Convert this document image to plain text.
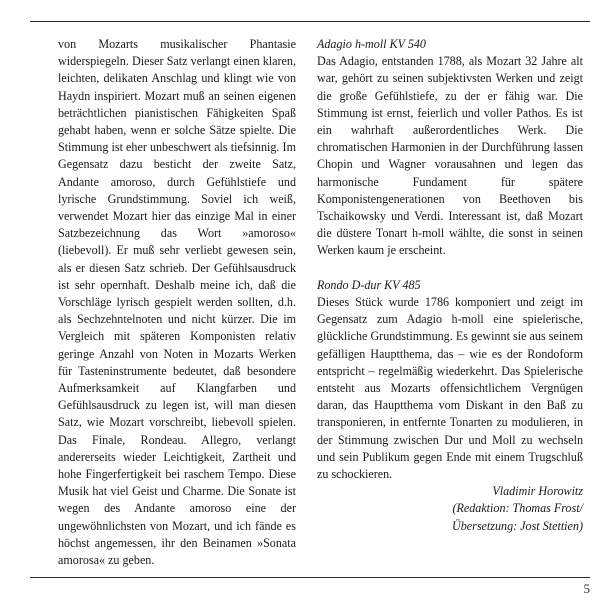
von Mozarts musikalischer Phantasie widerspiegeln. Dieser Satz verlangt einen klaren, leichten, delikaten Anschlag und klingt wie von Haydn inspiriert. Mozart muß an seinen eigenen beträchtlichen pianistischen Fähigkeiten Spaß gehabt haben, wenn er solche Sätze spielte. Die Stimmung ist eher unbeschwert als tiefsinnig. Im Gegensatz dazu besticht der zweite Satz, Andante amoroso, durch Gefühlstiefe und lyrische Grundstimmung. Soviel ich weiß, verwendet Mozart hier das einzige Mal in einer Satzbezeichnung das Wort »amoroso« (liebevoll). Er muß sehr verliebt gewesen sein, als er diesen Satz schrieb. Der Gefühlsausdruck ist sehr opernhaft. Deshalb meine ich, daß die Vorschläge lyrisch gespielt werden sollten, d.h. als Sechzehntelnoten und nicht kürzer. Die im Vergleich mit späteren Komponisten relativ geringe Anzahl von Noten in Mozarts Werken für Tasteninstrumente bedeutet, daß besondere Aufmerksamkeit auf Klangfarben und Gefühlsausdruck zu legen ist, will man diesen Satz, wie Mozart vorschreibt, liebevoll spielen. Das Finale, Rondeau. Allegro, verlangt andererseits wieder Leichtigkeit, Zartheit und hohe Fingerfertigkeit bei raschem Tempo. Diese Musik hat viel Geist und Charme. Die Sonate ist wegen des Andante amoroso eine der ungewöhnlichsten von Mozart, und ich fände es höchst angemessen, ihr den Beinamen »Sonata amorosa« zu geben.

Adagio h-moll KV 540

Das Adagio, entstanden 1788, als Mozart 32 Jahre alt war, gehört zu seinen subjektivsten Werken und zeigt die große Gefühlstiefe, zu der er fähig war. Die Stimmung ist ernst, feierlich und voller Pathos. Es ist ein wahrhaft außerordentliches Werk. Die chromatischen Harmonien in der Durchführung lassen Chopin und Wagner vorausahnen und legen das harmonische Fundament für spätere Komponistengenerationen von Beethoven bis Tschaikowsky und Verdi. Interessant ist, daß Mozart die düstere Tonart h-moll wählte, die sonst in seinen Werken kaum je erscheint.

Rondo D-dur KV 485

Dieses Stück wurde 1786 komponiert und zeigt im Gegensatz zum Adagio h-moll eine spielerische, glückliche Grundstimmung. Es gewinnt sie aus seinem gefälligen Hauptthema, das – wie es der Rondoform entspricht – regelmäßig wiederkehrt. Das Spielerische entsteht aus Mozarts offensichtlichem Vergnügen daran, das Hauptthema vom Diskant in den Baß zu transponieren, in entfernte Tonarten zu modulieren, in der Stimmung zwischen Dur und Moll zu wechseln und sein Publikum gegen Ende mit einem Trugschluß zu schockieren.

Vladimir Horowitz

(Redaktion: Thomas Frost/

Übersetzung: Jost Stettien)

5
